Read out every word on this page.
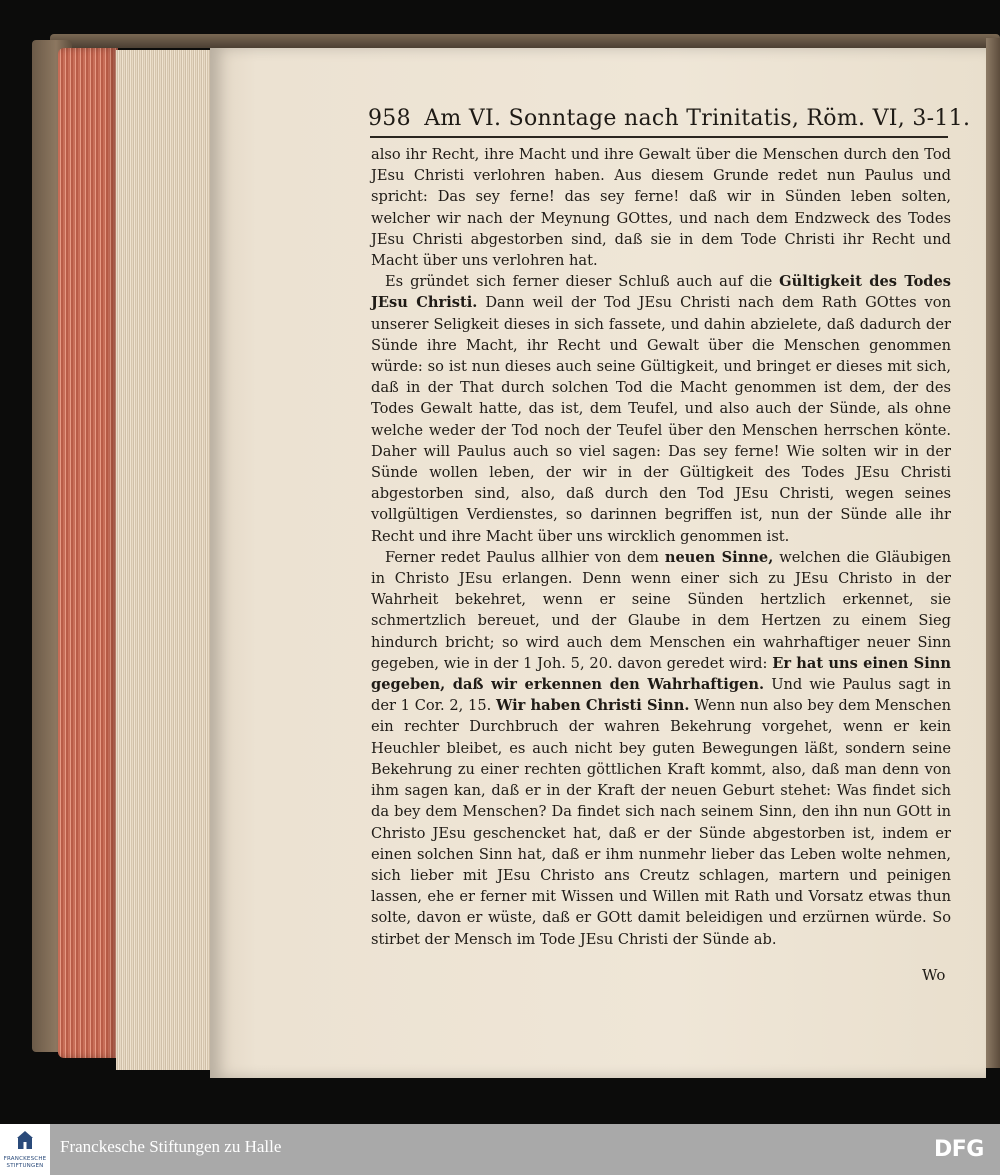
958 Am VI. Sonntage nach Trinitatis, Röm. VI, 3-11.

also ihr Recht, ihre Macht und ihre Gewalt über die Menschen durch den Tod JEsu Christi verlohren haben. Aus diesem Grunde redet nun Paulus und spricht: Das sey ferne! das sey ferne! daß wir in Sünden leben solten, welcher wir nach der Meynung GOttes, und nach dem Endzweck des Todes JEsu Christi abgestorben sind, daß sie in dem Tode Christi ihr Recht und Macht über uns verlohren hat.

Es gründet sich ferner dieser Schluß auch auf die Gültigkeit des Todes JEsu Christi. Dann weil der Tod JEsu Christi nach dem Rath GOttes von unserer Seligkeit dieses in sich fassete, und dahin abzielete, daß dadurch der Sünde ihre Macht, ihr Recht und Gewalt über die Menschen genommen würde: so ist nun dieses auch seine Gültigkeit, und bringet er dieses mit sich, daß in der That durch solchen Tod die Macht genommen ist dem, der des Todes Gewalt hatte, das ist, dem Teufel, und also auch der Sünde, als ohne welche weder der Tod noch der Teufel über den Menschen herrschen könte. Daher will Paulus auch so viel sagen: Das sey ferne! Wie solten wir in der Sünde wollen leben, der wir in der Gültigkeit des Todes JEsu Christi abgestorben sind, also, daß durch den Tod JEsu Christi, wegen seines vollgültigen Verdienstes, so darinnen begriffen ist, nun der Sünde alle ihr Recht und ihre Macht über uns wircklich genommen ist.

Ferner redet Paulus allhier von dem neuen Sinne, welchen die Gläubigen in Christo JEsu erlangen. Denn wenn einer sich zu JEsu Christo in der Wahrheit bekehret, wenn er seine Sünden hertzlich erkennet, sie schmertzlich bereuet, und der Glaube in dem Hertzen zu einem Sieg hindurch bricht; so wird auch dem Menschen ein wahrhaftiger neuer Sinn gegeben, wie in der 1 Joh. 5, 20. davon geredet wird: Er hat uns einen Sinn gegeben, daß wir erkennen den Wahrhaftigen. Und wie Paulus sagt in der 1 Cor. 2, 15. Wir haben Christi Sinn. Wenn nun also bey dem Menschen ein rechter Durchbruch der wahren Bekehrung vorgehet, wenn er kein Heuchler bleibet, es auch nicht bey guten Bewegungen läßt, sondern seine Bekehrung zu einer rechten göttlichen Kraft kommt, also, daß man denn von ihm sagen kan, daß er in der Kraft der neuen Geburt stehet: Was findet sich da bey dem Menschen? Da findet sich nach seinem Sinn, den ihn nun GOtt in Christo JEsu geschencket hat, daß er der Sünde abgestorben ist, indem er einen solchen Sinn hat, daß er ihm nunmehr lieber das Leben wolte nehmen, sich lieber mit JEsu Christo ans Creutz schlagen, martern und peinigen lassen, ehe er ferner mit Wissen und Willen mit Rath und Vorsatz etwas thun solte, davon er wüste, daß er GOtt damit beleidigen und erzürnen würde. So stirbet der Mensch im Tode JEsu Christi der Sünde ab.

Wo
FRANCKESCHE STIFTUNGEN
Franckesche Stiftungen zu Halle	DFG
